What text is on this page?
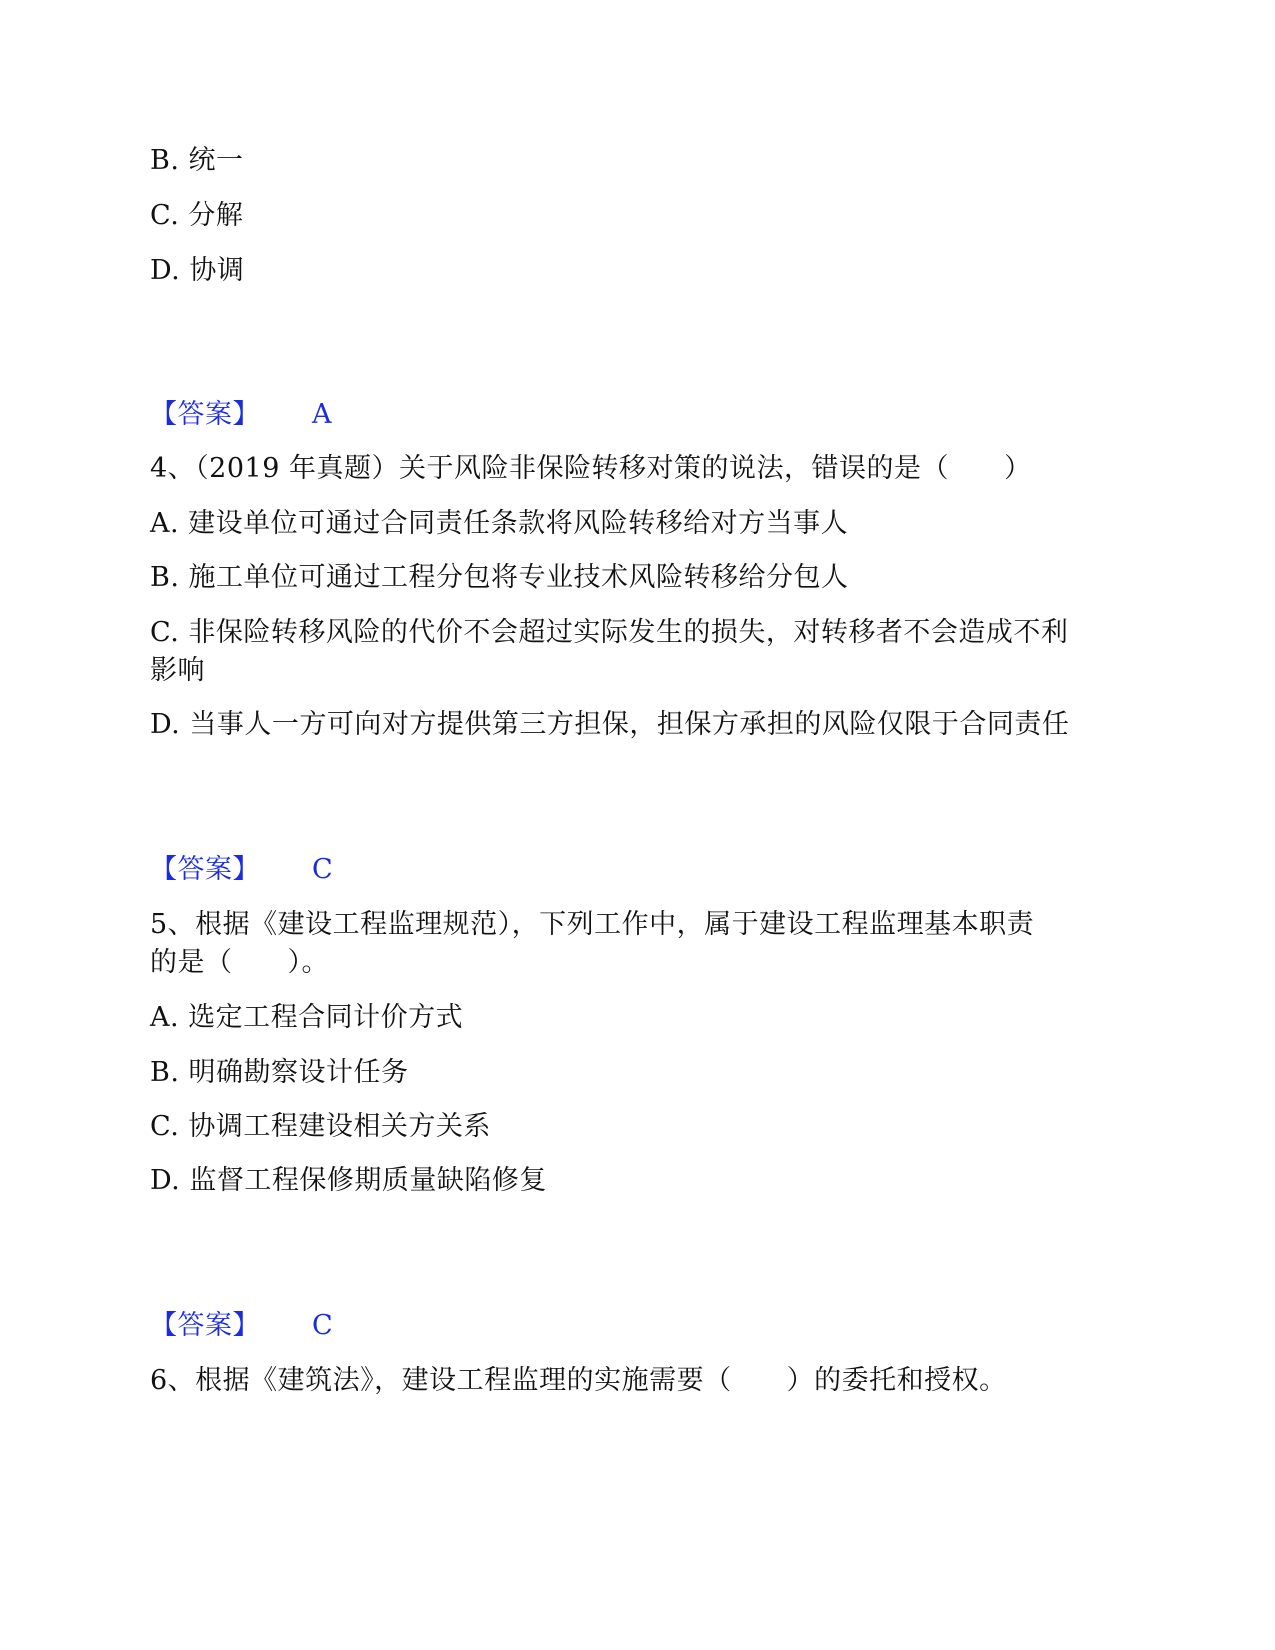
B. 统一
C. 分解
D. 协调
【答案】 A
4、（2019 年真题）关于风险非保险转移对策的说法，错误的是（　　）
A. 建设单位可通过合同责任条款将风险转移给对方当事人
B. 施工单位可通过工程分包将专业技术风险转移给分包人
C. 非保险转移风险的代价不会超过实际发生的损失，对转移者不会造成不利
影响
D. 当事人一方可向对方提供第三方担保，担保方承担的风险仅限于合同责任
【答案】 C
5、根据《建设工程监理规范），下列工作中，属于建设工程监理基本职责
的是（　　）。
A. 选定工程合同计价方式
B. 明确勘察设计任务
C. 协调工程建设相关方关系
D. 监督工程保修期质量缺陷修复
【答案】 C
6、根据《建筑法》，建设工程监理的实施需要（　　）的委托和授权。
